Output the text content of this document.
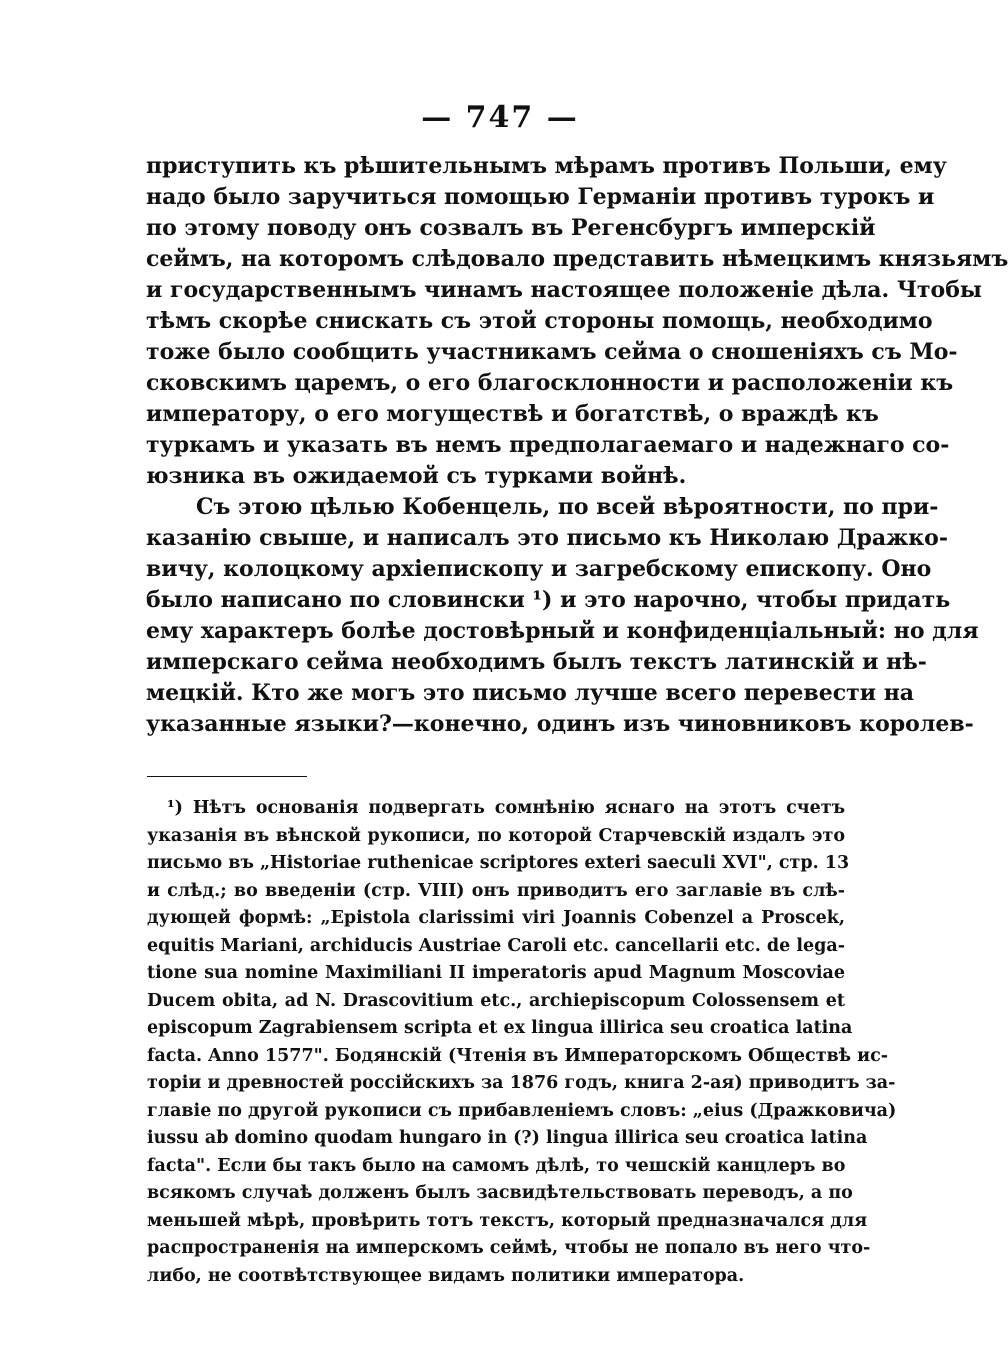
— 747 —
приступить къ рѣшительнымъ мѣрамъ противъ Польши, ему
надо было заручиться помощью Германіи противъ турокъ и
по этому поводу онъ созвалъ въ Регенсбургъ имперскій
сеймъ, на которомъ слѣдовало представить нѣмецкимъ князьямъ
и государственнымъ чинамъ настоящее положеніе дѣла. Чтобы
тѣмъ скорѣе снискать съ этой стороны помощь, необходимо
тоже было сообщить участникамъ сейма о сношеніяхъ съ Мо-
сковскимъ царемъ, о его благосклонности и расположеніи къ
императору, о его могуществѣ и богатствѣ, о враждѣ къ
туркамъ и указать въ немъ предполагаемаго и надежнаго со-
юзника въ ожидаемой съ турками войнѣ.
Съ этою цѣлью Кобенцель, по всей вѣроятности, по при-
казанію свыше, и написалъ это письмо къ Николаю Дражко-
вичу, колоцкому архіепископу и загребскому епископу. Оно
было написано по словински ¹) и это нарочно, чтобы придать
ему характеръ болѣе достовѣрный и конфиденціальный: но для
имперскаго сейма необходимъ былъ текстъ латинскій и нѣ-
мецкій. Кто же могъ это письмо лучше всего перевести на
указанные языки?—конечно, одинъ изъ чиновниковъ королев-
¹) Нѣтъ основанія подвергать сомнѣнію яснаго на этотъ счетъ
указанія въ вѣнской рукописи, по которой Старчевскій издалъ это
письмо въ „Historiae ruthenicae scriptores exteri saeculi XVI", стр. 13
и слѣд.; во введеніи (стр. VIII) онъ приводитъ его заглавіе въ слѣ-
дующей формѣ: „Epistola clarissimi viri Joannis Cobenzel a Proscek,
equitis Mariani, archiducis Austriae Caroli etc. cancellarii etc. de lega-
tione sua nomine Maximiliani II imperatoris apud Magnum Moscoviae
Ducem obita, ad N. Drascovitium etc., archiepiscopum Colossensem et
episcopum Zagrabiensem scripta et ex lingua illirica seu croatica latina
facta. Anno 1577". Бодянскій (Чтенія въ Императорскомъ Обществѣ ис-
торіи и древностей россійскихъ за 1876 годъ, книга 2-ая) приводитъ за-
главіе по другой рукописи съ прибавленіемъ словъ: „eius (Дражковича)
iussu ab domino quodam hungaro in (?) lingua illirica seu croatica latina
facta". Если бы такъ было на самомъ дѣлѣ, то чешскій канцлеръ во
всякомъ случаѣ долженъ былъ засвидѣтельствовать переводъ, а по
меньшей мѣрѣ, провѣрить тотъ текстъ, который предназначался для
распространенія на имперскомъ сеймѣ, чтобы не попало въ него что-
либо, не соотвѣтствующее видамъ политики императора.
